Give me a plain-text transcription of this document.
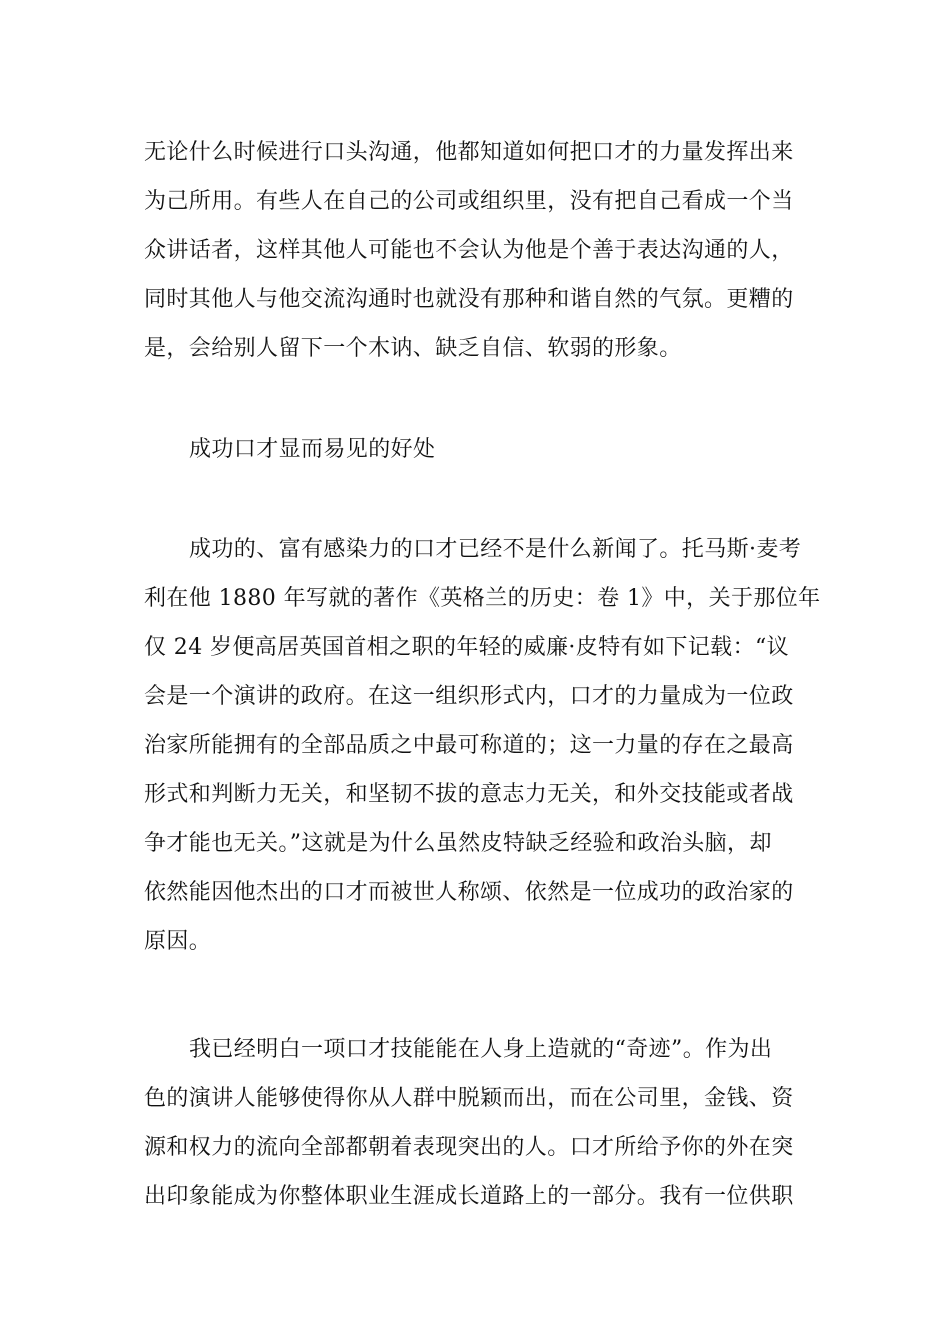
无论什么时候进行口头沟通，他都知道如何把口才的力量发挥出来
为己所用。有些人在自己的公司或组织里，没有把自己看成一个当
众讲话者，这样其他人可能也不会认为他是个善于表达沟通的人，
同时其他人与他交流沟通时也就没有那种和谐自然的气氛。更糟的
是，会给别人留下一个木讷、缺乏自信、软弱的形象。
成功口才显而易见的好处
成功的、富有感染力的口才已经不是什么新闻了。托马斯·麦考
利在他 1880 年写就的著作《英格兰的历史：卷 1》中，关于那位年
仅 24 岁便高居英国首相之职的年轻的威廉·皮特有如下记载：“议
会是一个演讲的政府。在这一组织形式内，口才的力量成为一位政
治家所能拥有的全部品质之中最可称道的；这一力量的存在之最高
形式和判断力无关，和坚韧不拔的意志力无关，和外交技能或者战
争才能也无关。”这就是为什么虽然皮特缺乏经验和政治头脑，却
依然能因他杰出的口才而被世人称颂、依然是一位成功的政治家的
原因。
我已经明白一项口才技能能在人身上造就的“奇迹”。作为出
色的演讲人能够使得你从人群中脱颖而出，而在公司里，金钱、资
源和权力的流向全部都朝着表现突出的人。口才所给予你的外在突
出印象能成为你整体职业生涯成长道路上的一部分。我有一位供职
